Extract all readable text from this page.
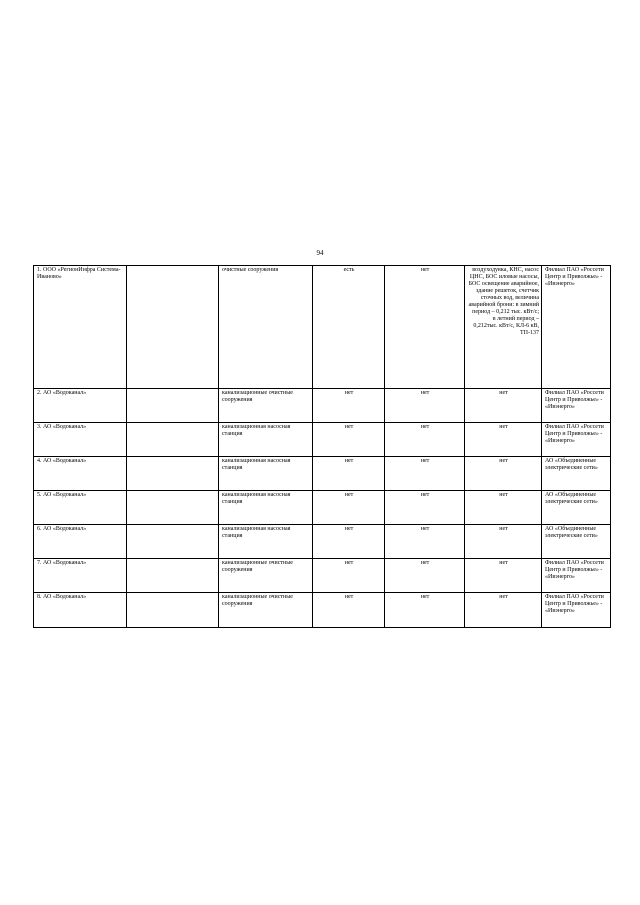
94
1. ООО «РегионИнфра Система-Иваново»		очистные сооружения	есть	нет	воздуходувка, КНС, насос ЦНС, БОС иловые насосы, БОС освещение аварийное, здание решеток, счетчик сточных вод, величина аварийной брони: в зимний период – 0,212 тыс. кВт/с; в летний период – 0,212тыс. кВт/с, КЛ-6 кВ, ТП-137	Филиал ПАО «Россети Центр и Приволжье» - «Ивэнерго»
2. АО «Водоканал»		канализационные очистные сооружения	нет	нет	нет	Филиал ПАО «Россети Центр и Приволжье» - «Ивэнерго»
3. АО «Водоканал»		канализационная насосная станция	нет	нет	нет	Филиал ПАО «Россети Центр и Приволжье» - «Ивэнерго»
4. АО «Водоканал»		канализационная насосная станция	нет	нет	нет	АО «Объединенные электрические сети»
5. АО «Водоканал»		канализационная насосная станция	нет	нет	нет	АО «Объединенные электрические сети»
6. АО «Водоканал»		канализационная насосная станция	нет	нет	нет	АО «Объединенные электрические сети»
7. АО «Водоканал»		канализационные очистные сооружения	нет	нет	нет	Филиал ПАО «Россети Центр и Приволжье» - «Ивэнерго»
8. АО «Водоканал»		канализационные очистные сооружения	нет	нет	нет	Филиал ПАО «Россети Центр и Приволжье» - «Ивэнерго»
